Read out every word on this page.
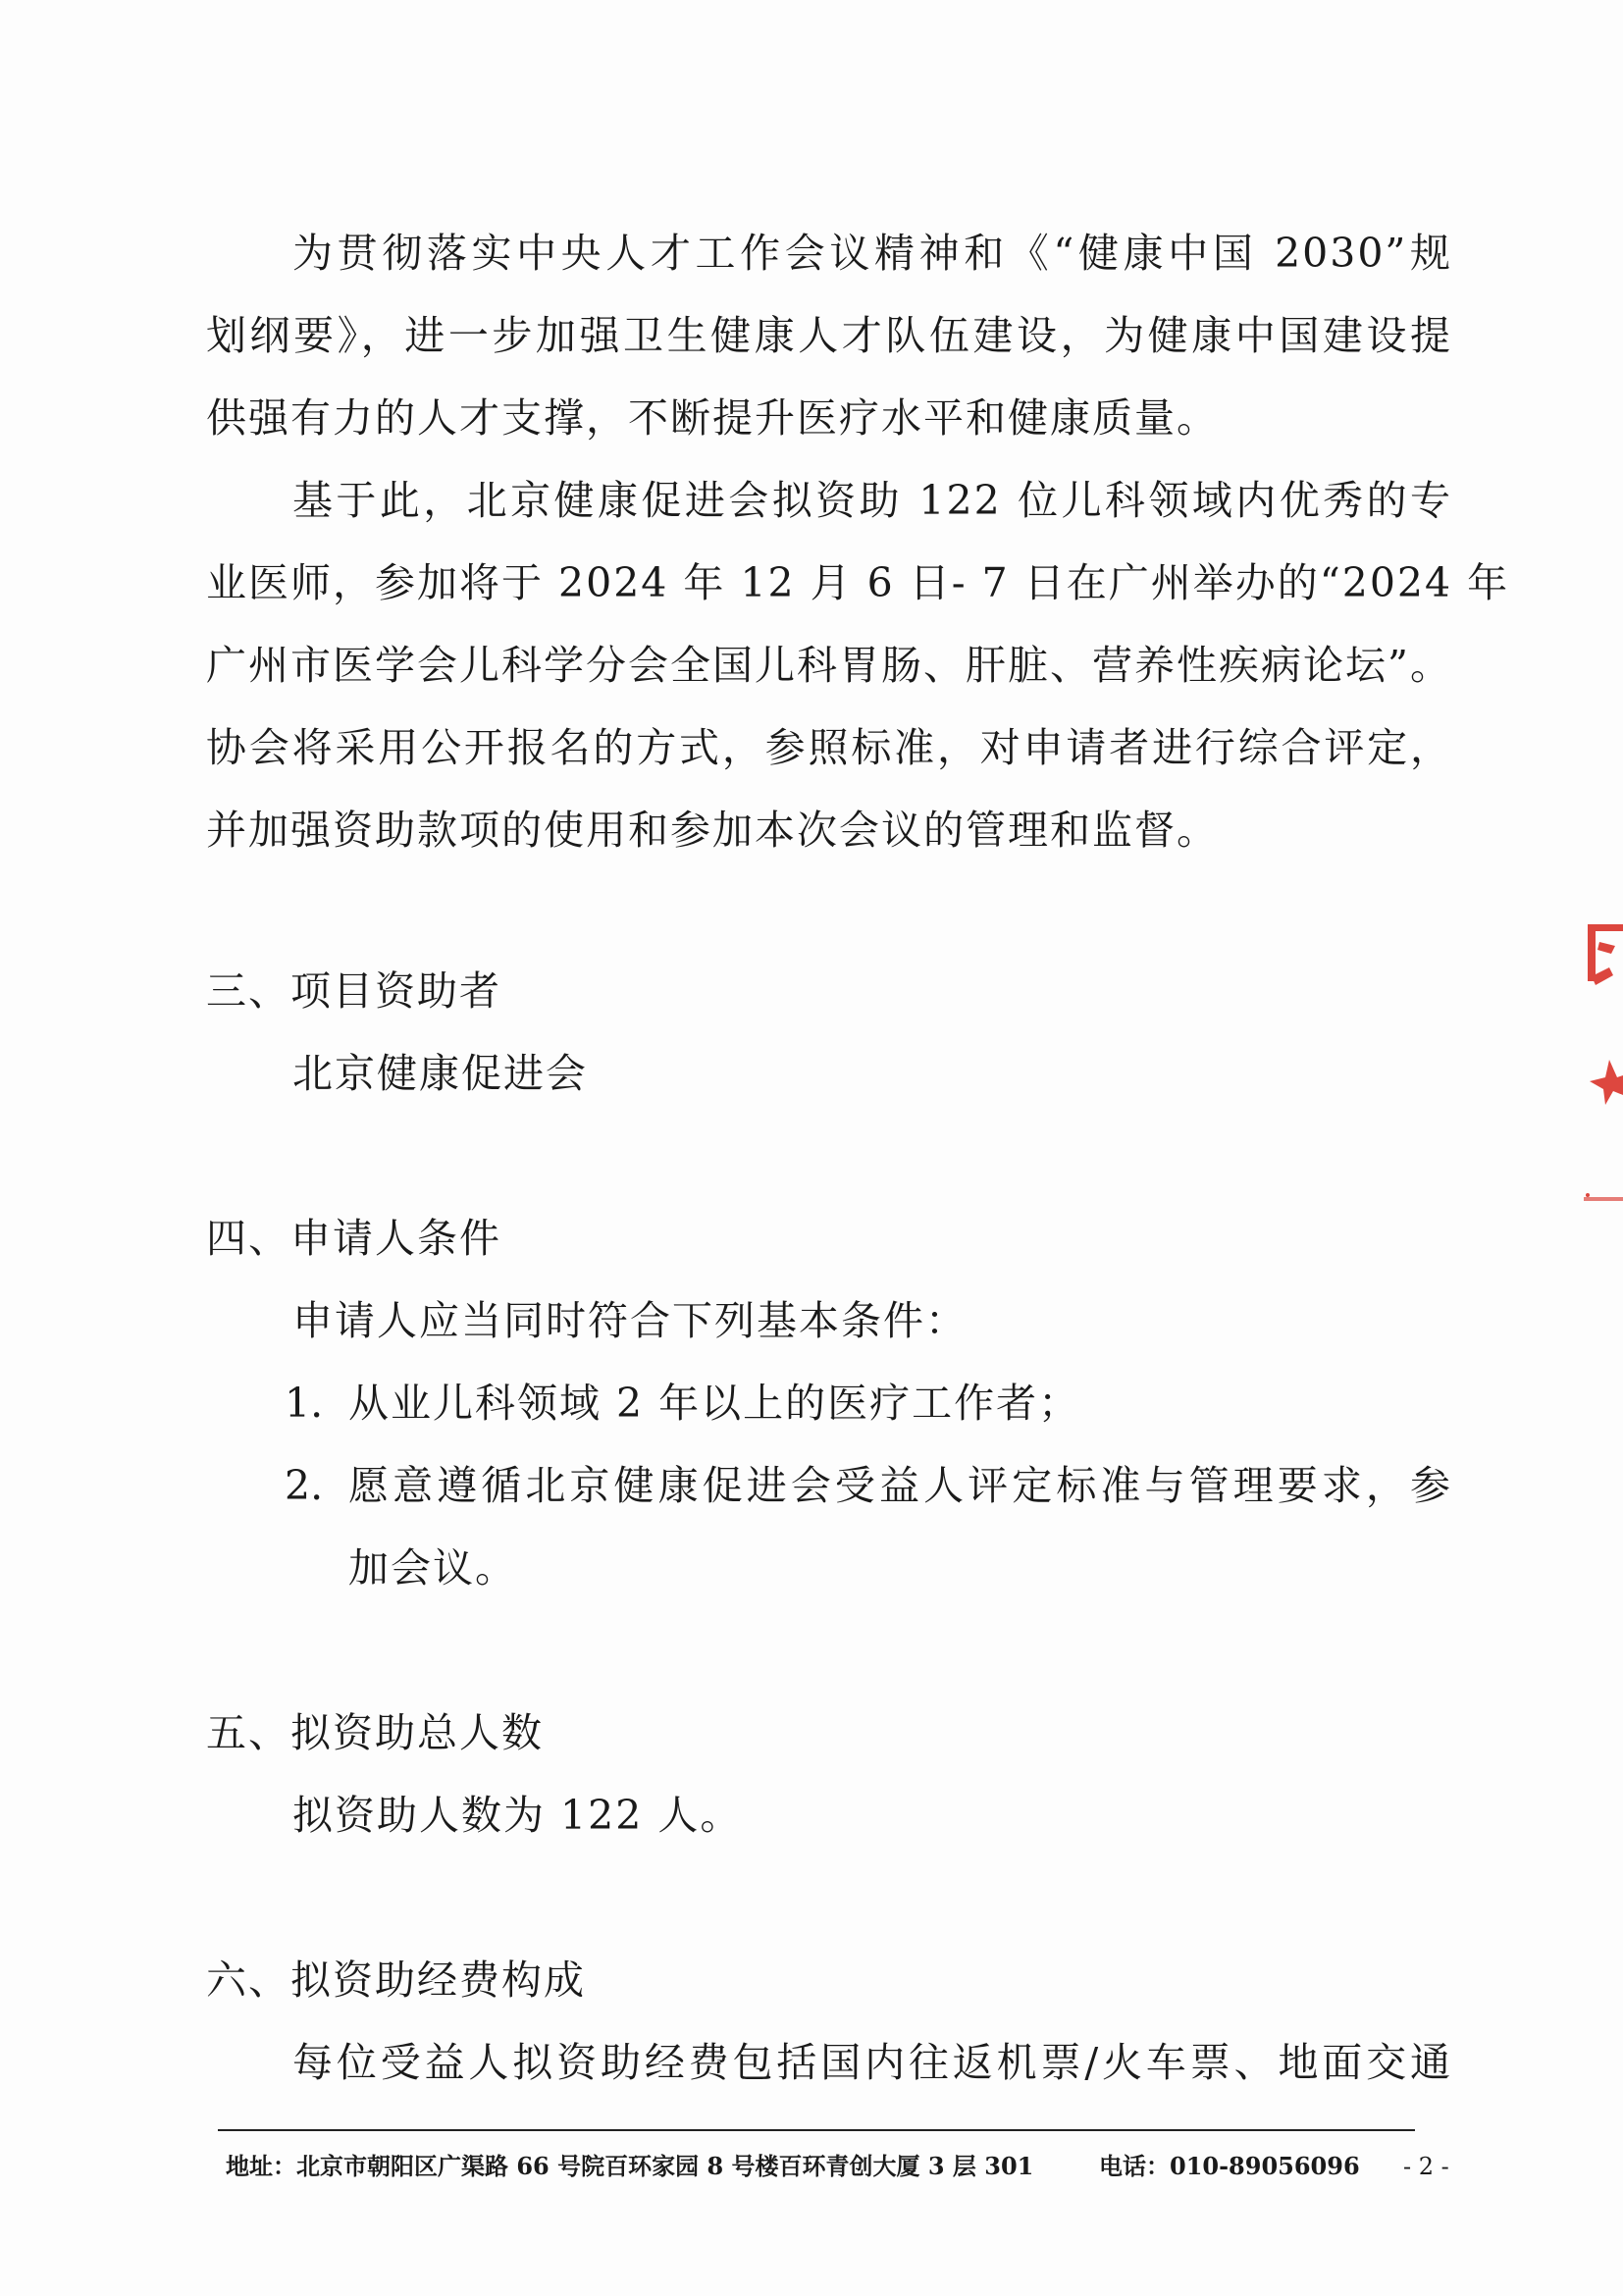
为贯彻落实中央人才工作会议精神和《“健康中国 2030”规
划纲要》，进一步加强卫生健康人才队伍建设，为健康中国建设提
供强有力的人才支撑，不断提升医疗水平和健康质量。
基于此，北京健康促进会拟资助 122 位儿科领域内优秀的专
业医师，参加将于 2024 年 12 月 6 日- 7 日在广州举办的“2024 年
广州市医学会儿科学分会全国儿科胃肠、肝脏、营养性疾病论坛”。
协会将采用公开报名的方式，参照标准，对申请者进行综合评定，
并加强资助款项的使用和参加本次会议的管理和监督。
三、项目资助者
北京健康促进会
四、申请人条件
申请人应当同时符合下列基本条件：
1. 从业儿科领域 2 年以上的医疗工作者；
2. 愿意遵循北京健康促进会受益人评定标准与管理要求，参
加会议。
五、拟资助总人数
拟资助人数为 122 人。
六、拟资助经费构成
每位受益人拟资助经费包括国内往返机票/火车票、地面交通
地址：北京市朝阳区广渠路 66 号院百环家园 8 号楼百环青创大厦 3 层 301	电话：010-89056096 - 2 -
